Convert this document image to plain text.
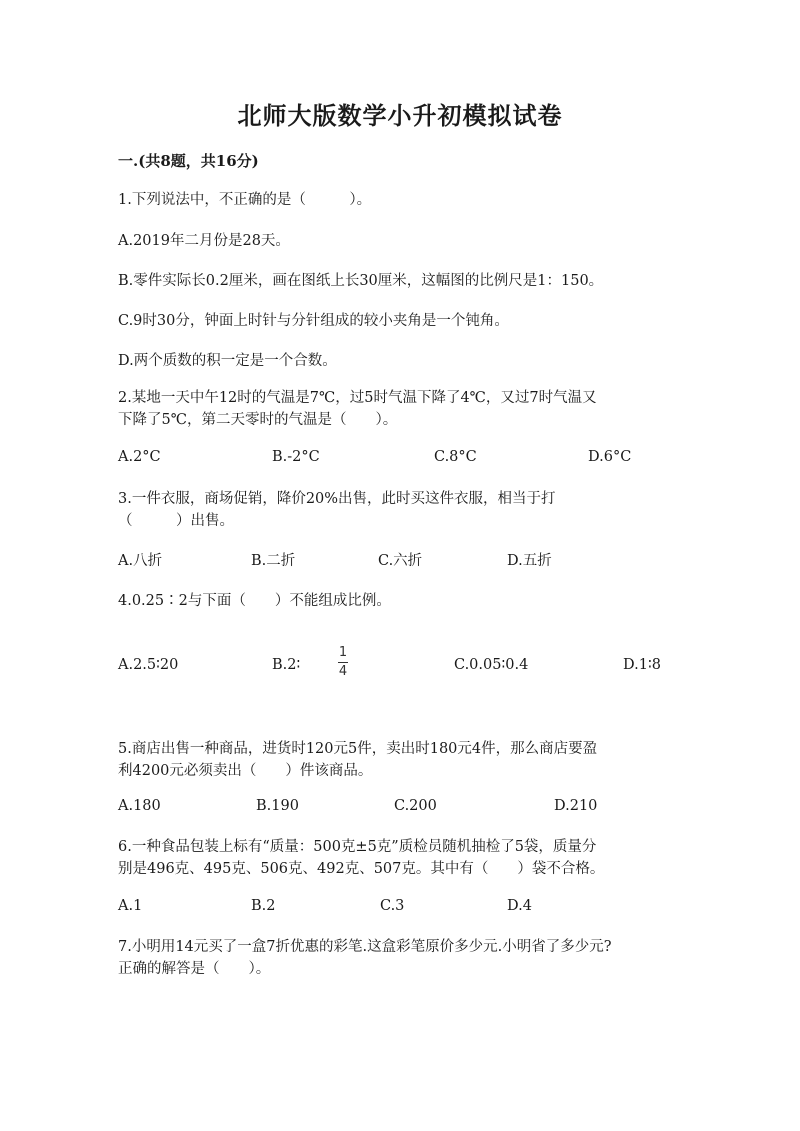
北师大版数学小升初模拟试卷
一.(共8题，共16分)
1.下列说法中，不正确的是（　　　）。
A.2019年二月份是28天。
B.零件实际长0.2厘米，画在图纸上长30厘米，这幅图的比例尺是1：150。
C.9时30分，钟面上时针与分针组成的较小夹角是一个钝角。
D.两个质数的积一定是一个合数。
2.某地一天中午12时的气温是7℃，过5时气温下降了4℃，又过7时气温又
下降了5℃，第二天零时的气温是（　　）。
A.2°C	B.-2°C	C.8°C	D.6°C
3.一件衣服，商场促销，降价20%出售，此时买这件衣服，相当于打
（　　　）出售。
A.八折	B.二折	C.六折	D.五折
4.0.25∶2与下面（　　）不能组成比例。
A.2.5∶20	B.2∶
1
4	C.0.05∶0.4	D.1∶8
5.商店出售一种商品，进货时120元5件，卖出时180元4件，那么商店要盈
利4200元必须卖出（　　）件该商品。
A.180	B.190	C.200	D.210
6.一种食品包装上标有“质量：500克±5克”质检员随机抽检了5袋，质量分
别是496克、495克、506克、492克、507克。其中有（　　）袋不合格。
A.1	B.2	C.3	D.4
7.小明用14元买了一盒7折优惠的彩笔.这盒彩笔原价多少元.小明省了多少元?
正确的解答是（　　）。
